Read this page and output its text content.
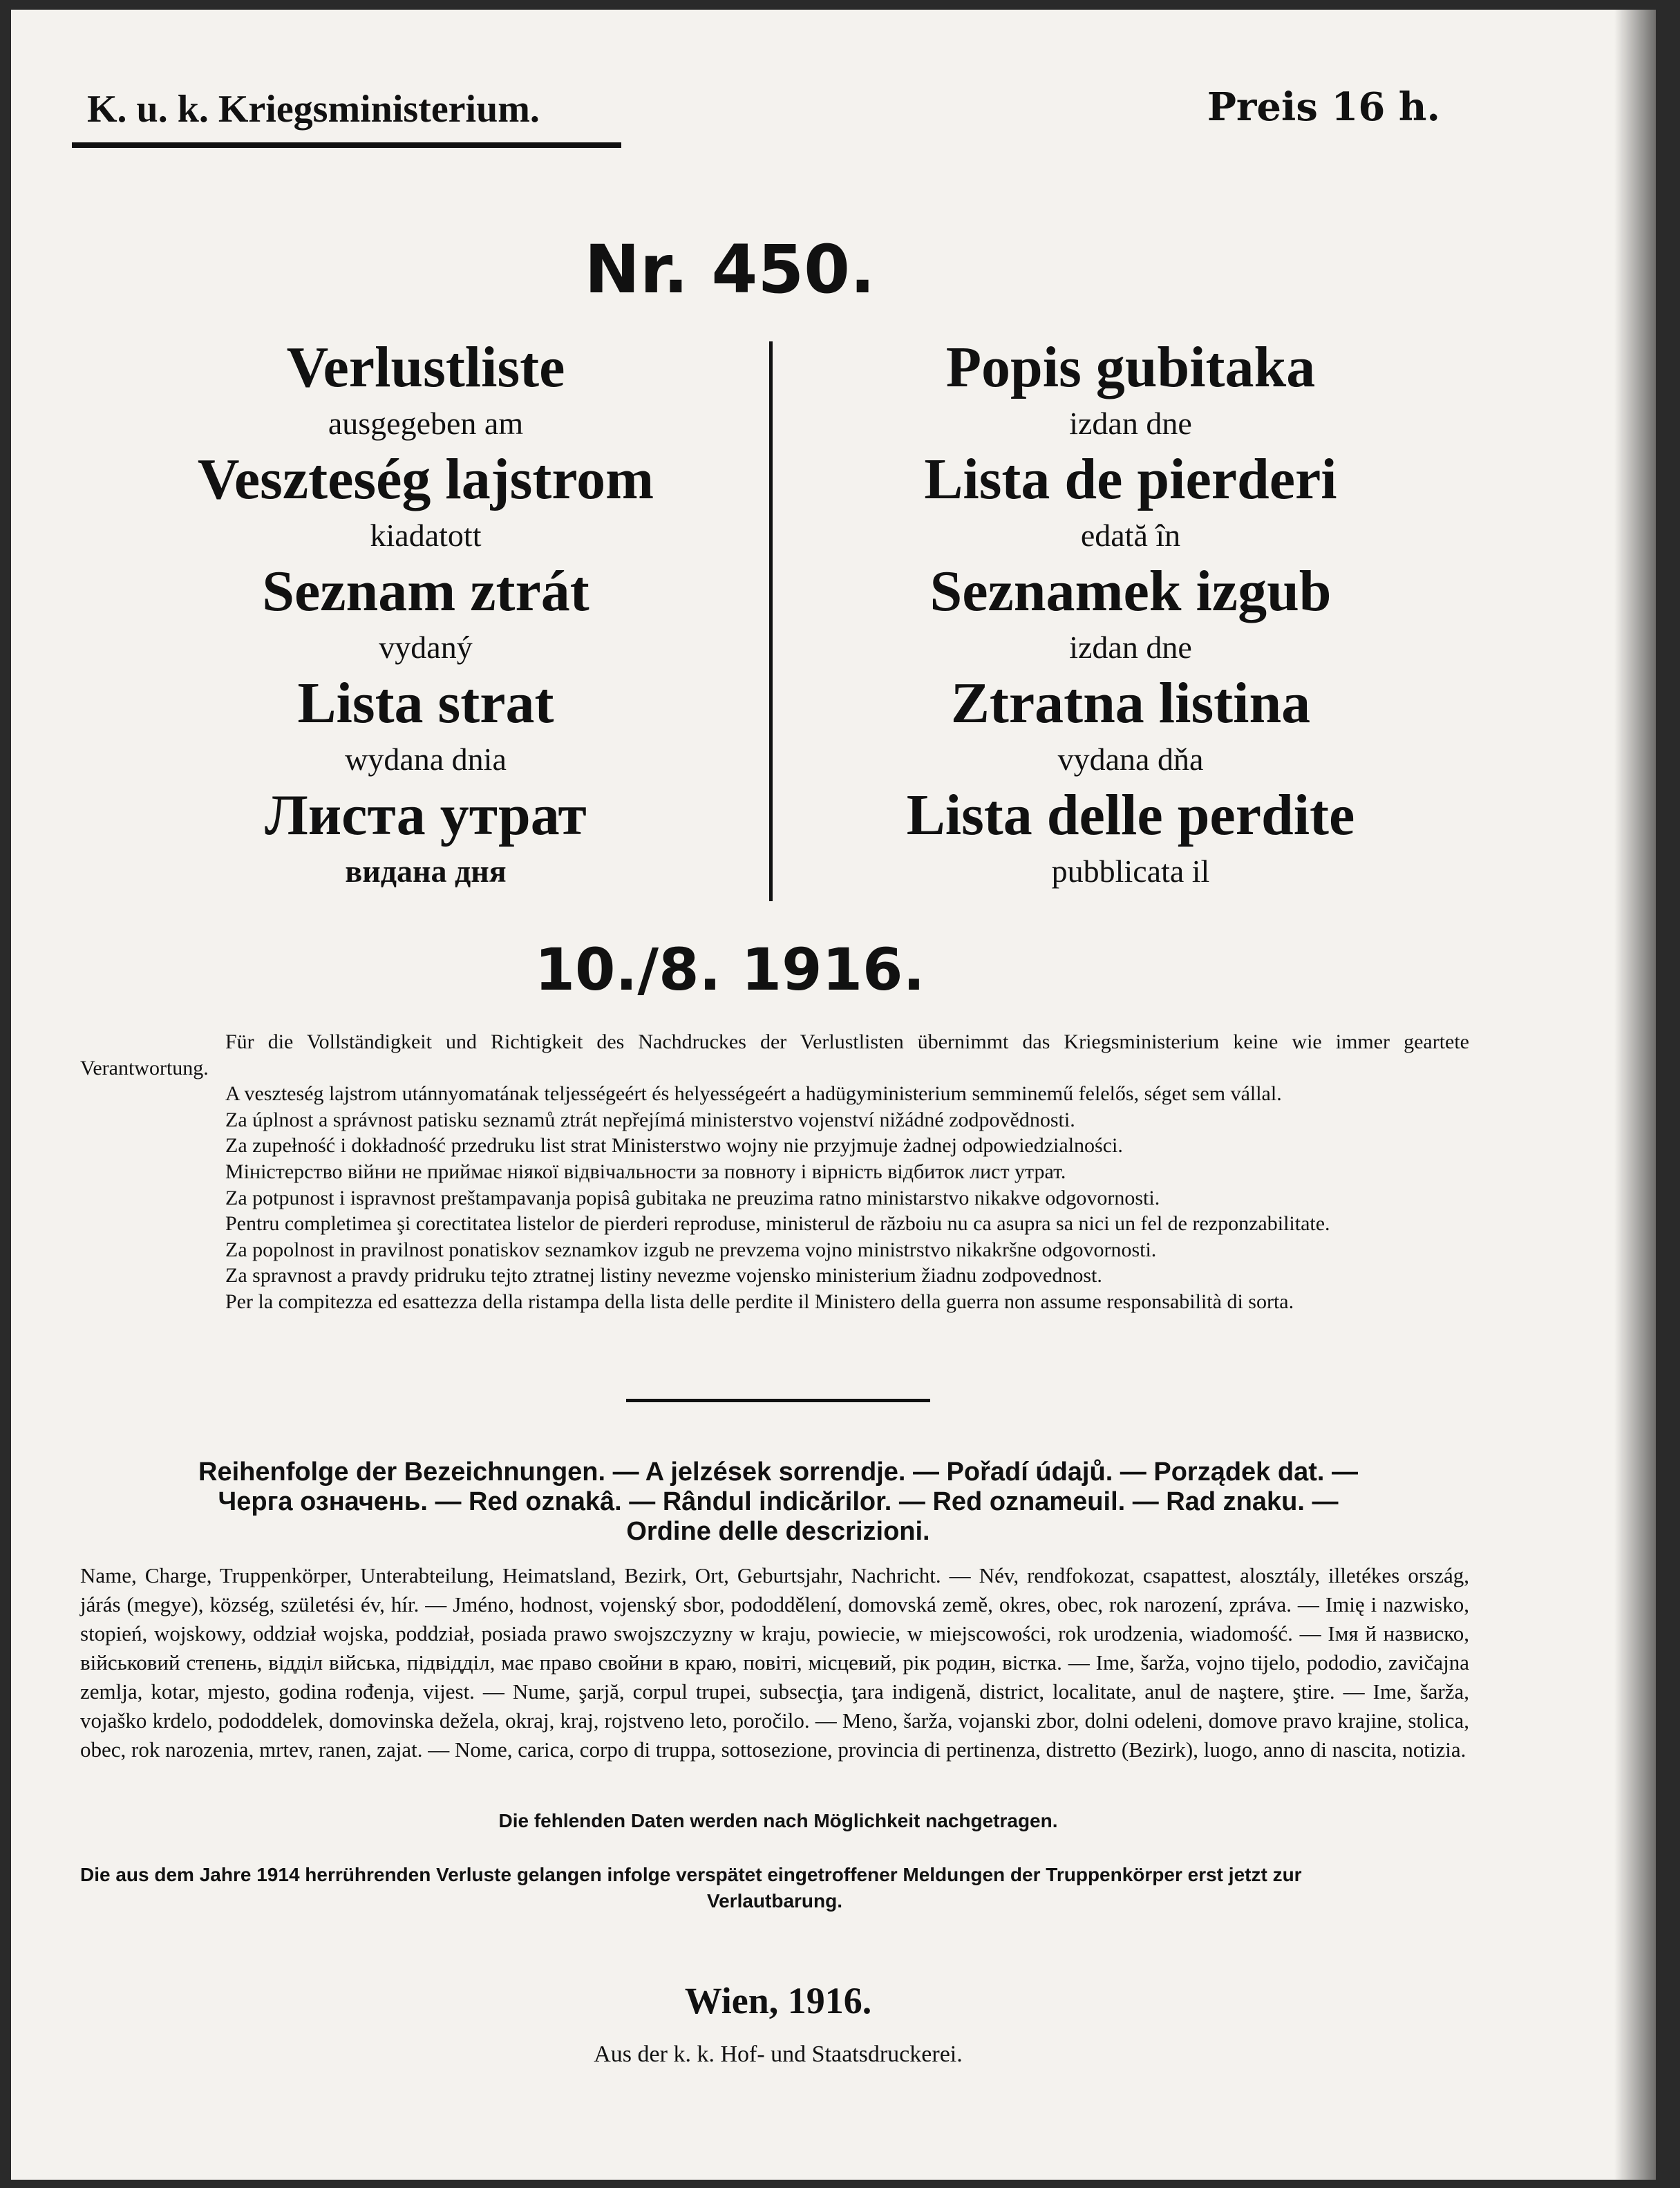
K. u. k. Kriegsministerium.	Preis 16 h.
Nr. 450.
Verlustliste
ausgegeben am
Veszteség lajstrom
kiadatott
Seznam ztrát
vydaný
Lista strat
wydana dnia
Листа утрат
видана дня
Popis gubitaka
izdan dne
Lista de pierderi
edată în
Seznamek izgub
izdan dne
Ztratna listina
vydana dňa
Lista delle perdite
pubblicata il
10./8. 1916.

Für die Vollständigkeit und Richtigkeit des Nachdruckes der Verlustlisten übernimmt das Kriegsministerium keine wie immer geartete Verantwortung.

A veszteség lajstrom utánnyomatának teljességeért és helyességeért a hadügyministerium semminemű felelős, séget sem vállal.

Za úplnost a správnost patisku seznamů ztrát nepřejímá ministerstvo vojenství nižádné zodpovědnosti.

Za zupełność i dokładność przedruku list strat Ministerstwo wojny nie przyjmuje żadnej odpowiedzialności.

Міністерство війни не приймає ніякої відвічальности за повноту і вірність відбиток лист утрат.

Za potpunost i ispravnost preštampavanja popisâ gubitaka ne preuzima ratno ministarstvo nikakve odgovornosti.

Pentru completimea şi corectitatea listelor de pierderi reproduse, ministerul de războiu nu ca asupra sa nici un fel de rezponzabilitate.

Za popolnost in pravilnost ponatiskov seznamkov izgub ne prevzema vojno ministrstvo nikakršne odgovornosti.

Za spravnost a pravdy pridruku tejto ztratnej listiny nevezme vojensko ministerium žiadnu zodpovednost.

Per la compitezza ed esattezza della ristampa della lista delle perdite il Ministero della guerra non assume responsabilità di sorta.

Reihenfolge der Bezeichnungen. — A jelzések sorrendje. — Pořadí údajů. — Porządek dat. —
Черга означень. — Red oznakâ. — Rândul indicărilor. — Red oznameuil. — Rad znaku. —
Ordine delle descrizioni.

Name, Charge, Truppenkörper, Unterabteilung, Heimatsland, Bezirk, Ort, Geburtsjahr, Nachricht. — Név, rendfokozat, csapattest, alosztály, illetékes ország, járás (megye), község, születési év, hír. — Jméno, hodnost, vojenský sbor, pododdělení, domovská země, okres, obec, rok narození, zpráva. — Imię i nazwisko, stopień, wojskowy, oddział wojska, poddział, posiada prawo swojszczyzny w kraju, powiecie, w miejscowości, rok urodzenia, wiadomość. — Імя й назвиско, військовий степень, відділ війська, підвідділ, має право свойни в краю, повіті, місцевий, рік родин, вістка. — Ime, šarža, vojno tijelo, pododio, zavičajna zemlja, kotar, mjesto, godina rođenja, vijest. — Nume, şarjă, corpul trupei, subsecţia, ţara indigenă, district, localitate, anul de naştere, ştire. — Ime, šarža, vojaško krdelo, pododdelek, domovinska dežela, okraj, kraj, rojstveno leto, poročilo. — Meno, šarža, vojanski zbor, dolni odeleni, domove pravo krajine, stolica, obec, rok narozenia, mrtev, ranen, zajat. — Nome, carica, corpo di truppa, sottosezione, provincia di pertinenza, distretto (Bezirk), luogo, anno di nascita, notizia.

Die fehlenden Daten werden nach Möglichkeit nachgetragen.
Die aus dem Jahre 1914 herrührenden Verluste gelangen infolge verspätet eingetroffener Meldungen der Truppenkörper erst jetzt zur
Verlautbarung.
Wien, 1916.
Aus der k. k. Hof- und Staatsdruckerei.
